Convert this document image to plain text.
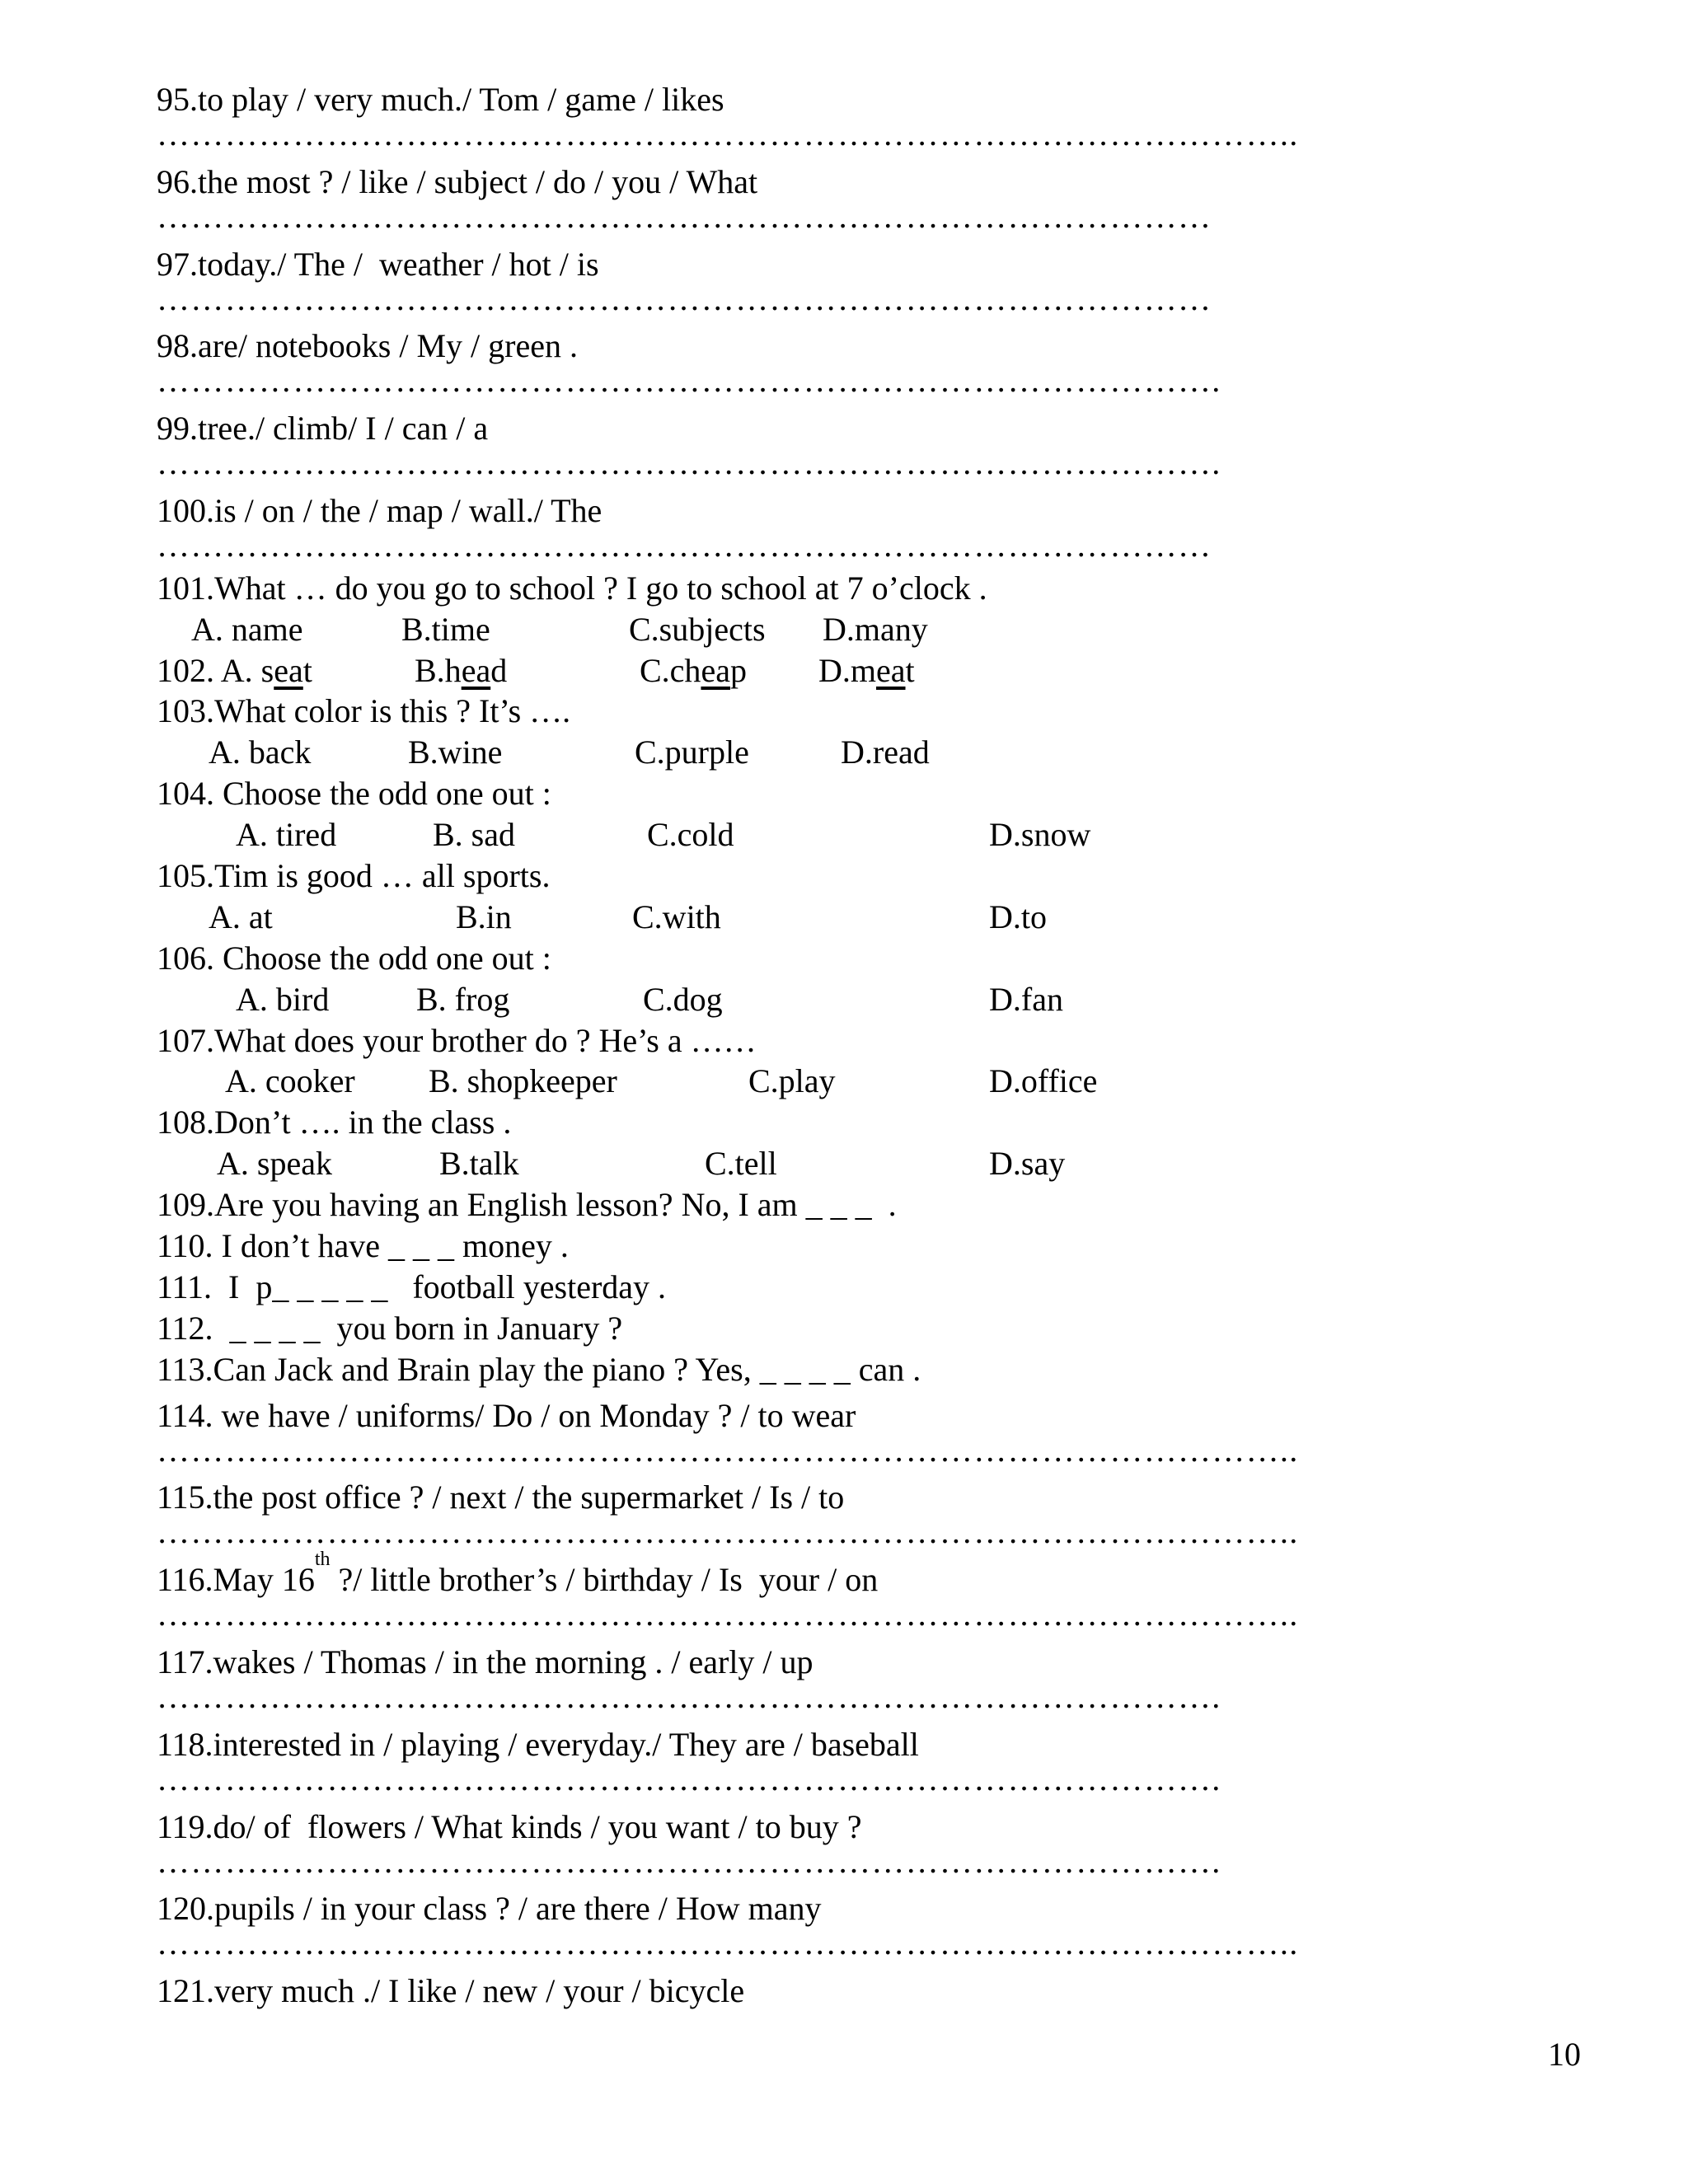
95.to play / very much./ Tom / game / likes
………………………………………………………………………………………..
96.the most ? / like / subject / do / you / What
…………………………………………………………………………………
97.today./ The /  weather / hot / is
…………………………………………………………………………………
98.are/ notebooks / My / green .
………………………………………………………………………………….
99.tree./ climb/ I / can / a
………………………………………………………………………………….
100.is / on / the / map / wall./ The
…………………………………………………………………………………
101.What … do you go to school ? I go to school at 7 o’clock .

A. name

	B.time

	C.subjects

D.many

102. A. seat

	B.head

	C.cheap

D.meat

103.What color is this ? It’s ….

A. back

	B.wine

	C.purple

	D.read

104. Choose the odd one out :

A. tired

	B. sad

	C.cold

	D.snow

105.Tim is good … all sports.

A. at

	B.in

	C.with

	D.to

106. Choose the odd one out :

A. bird

	B. frog

	C.dog

	D.fan

107.What does your brother do ? He’s a ……

A. cooker

B. shopkeeper

	C.play

	D.office

108.Don’t …. in the class .

A. speak

	B.talk

	C.tell

	D.say

109.Are you having an English lesson? No, I am _ _ _  .
110. I don’t have _ _ _ money .
111.  I  p_ _ _ _ _   football yesterday .
112.  _ _ _ _  you born in January ?
113.Can Jack and Brain play the piano ? Yes, _ _ _ _ can .
114. we have / uniforms/ Do / on Monday ? / to wear
………………………………………………………………………………………..
115.the post office ? / next / the supermarket / Is / to
………………………………………………………………………………………..
116.May 16th ?/ little brother’s / birthday / Is  your / on
………………………………………………………………………………………..
117.wakes / Thomas / in the morning . / early / up
………………………………………………………………………………….
118.interested in / playing / everyday./ They are / baseball
………………………………………………………………………………….
119.do/ of  flowers / What kinds / you want / to buy ?
………………………………………………………………………………….
120.pupils / in your class ? / are there / How many
………………………………………………………………………………………..
121.very much ./ I like / new / your / bicycle
10
